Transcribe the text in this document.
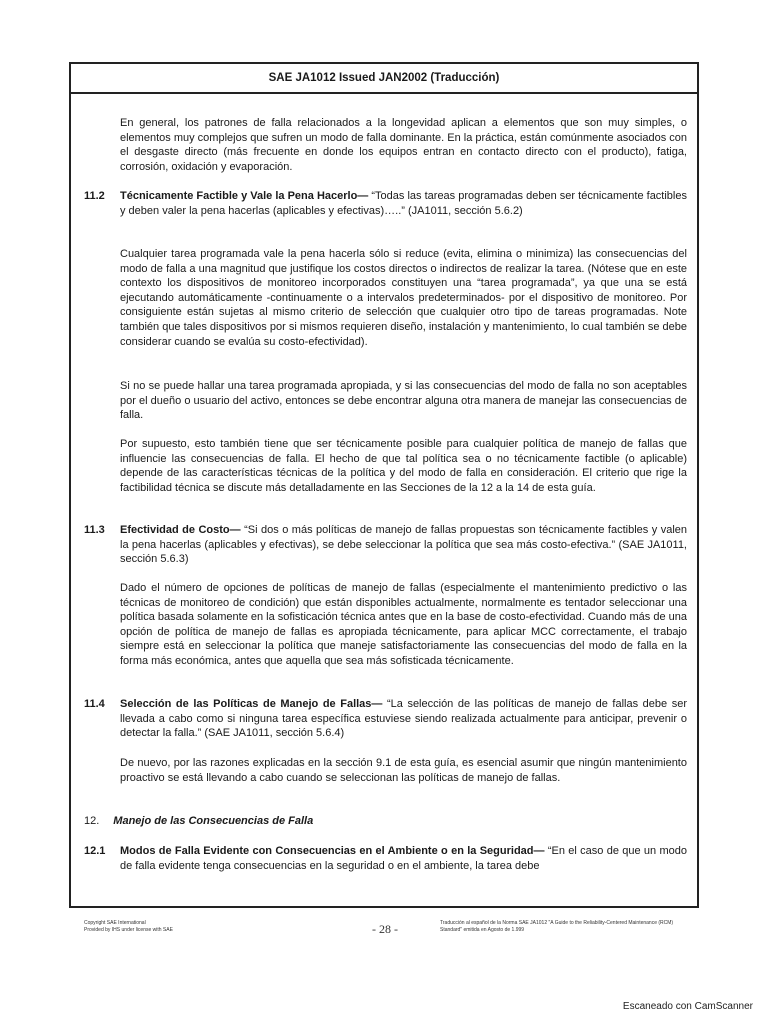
SAE JA1012 Issued JAN2002 (Traducción)

En general, los patrones de falla relacionados a la longevidad aplican a elementos que son muy simples, o elementos muy complejos que sufren un modo de falla dominante. En la práctica, están comúnmente asociados con el desgaste directo (más frecuente en donde los equipos entran en contacto directo con el producto), fatiga, corrosión, oxidación y evaporación.

11.2 Técnicamente Factible y Vale la Pena Hacerlo— “Todas las tareas programadas deben ser técnicamente factibles y deben valer la pena hacerlas (aplicables y efectivas)…..” (JA1011, sección 5.6.2)

Cualquier tarea programada vale la pena hacerla sólo si reduce (evita, elimina o minimiza) las consecuencias del modo de falla a una magnitud que justifique los costos directos o indirectos de realizar la tarea. (Nótese que en este contexto los dispositivos de monitoreo incorporados constituyen una “tarea programada”, ya que una se está ejecutando automáticamente -continuamente o a intervalos predeterminados- por el dispositivo de monitoreo. Por consiguiente están sujetas al mismo criterio de selección que cualquier otro tipo de tareas programadas. Note también que tales dispositivos por si mismos requieren diseño, instalación y mantenimiento, lo cual también se debe considerar cuando se evalúa su costo-efectividad).

Si no se puede hallar una tarea programada apropiada, y si las consecuencias del modo de falla no son aceptables por el dueño o usuario del activo, entonces se debe encontrar alguna otra manera de manejar las consecuencias de falla.

Por supuesto, esto también tiene que ser técnicamente posible para cualquier política de manejo de fallas que influencie las consecuencias de falla. El hecho de que tal política sea o no técnicamente factible (o aplicable) depende de las características técnicas de la política y del modo de falla en consideración. El criterio que rige la factibilidad técnica se discute más detalladamente en las Secciones de la 12 a la 14 de esta guía.

11.3 Efectividad de Costo— “Si dos o más políticas de manejo de fallas propuestas son técnicamente factibles y valen la pena hacerlas (aplicables y efectivas), se debe seleccionar la política que sea más costo-efectiva.” (SAE JA1011, sección 5.6.3)

Dado el número de opciones de políticas de manejo de fallas (especialmente el mantenimiento predictivo o las técnicas de monitoreo de condición) que están disponibles actualmente, normalmente es tentador seleccionar una política basada solamente en la sofisticación técnica antes que en la base de costo-efectividad. Cuando más de una opción de política de manejo de fallas es apropiada técnicamente, para aplicar MCC correctamente, el trabajo siempre está en seleccionar la política que maneje satisfactoriamente las consecuencias del modo de falla en la forma más económica, antes que aquella que sea más sofisticada técnicamente.

11.4 Selección de las Políticas de Manejo de Fallas— “La selección de las políticas de manejo de fallas debe ser llevada a cabo como si ninguna tarea específica estuviese siendo realizada actualmente para anticipar, prevenir o detectar la falla.” (SAE JA1011, sección 5.6.4)

De nuevo, por las razones explicadas en la sección 9.1 de esta guía, es esencial asumir que ningún mantenimiento proactivo se está llevando a cabo cuando se seleccionan las políticas de manejo de fallas.

12. Manejo de las Consecuencias de Falla

12.1 Modos de Falla Evidente con Consecuencias en el Ambiente o en la Seguridad— “En el caso de que un modo de falla evidente tenga consecuencias en la seguridad o en el ambiente, la tarea debe

Copyright SAE International
Provided by IHS under license with SAE	- 28 -	Traducción al español de la Norma SAE JA1012 "A Guide to the Reliability-Centered Maintenance (RCM) Standard" emitida en Agosto de 1.999
Escaneado con CamScanner
